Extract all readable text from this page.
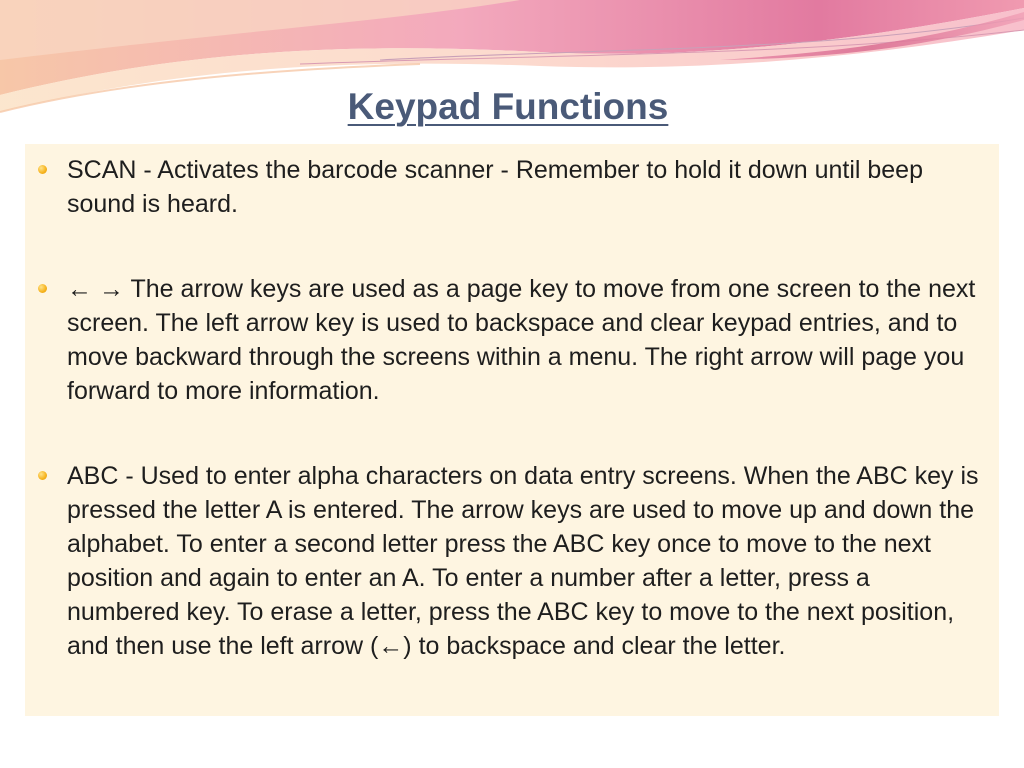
Keypad Functions
SCAN - Activates the barcode scanner - Remember to hold it down until beep sound is heard.
← → The arrow keys are used as a page key to move from one screen to the next screen. The left arrow key is used to backspace and clear keypad entries, and to move backward through the screens within a menu. The right arrow will page you forward to more information.
ABC - Used to enter alpha characters on data entry screens. When the ABC key is pressed the letter A is entered. The arrow keys are used to move up and down the alphabet. To enter a second letter press the ABC key once to move to the next position and again to enter an A. To enter a number after a letter, press a numbered key. To erase a letter, press the ABC key to move to the next position, and then use the left arrow (←) to backspace and clear the letter.
